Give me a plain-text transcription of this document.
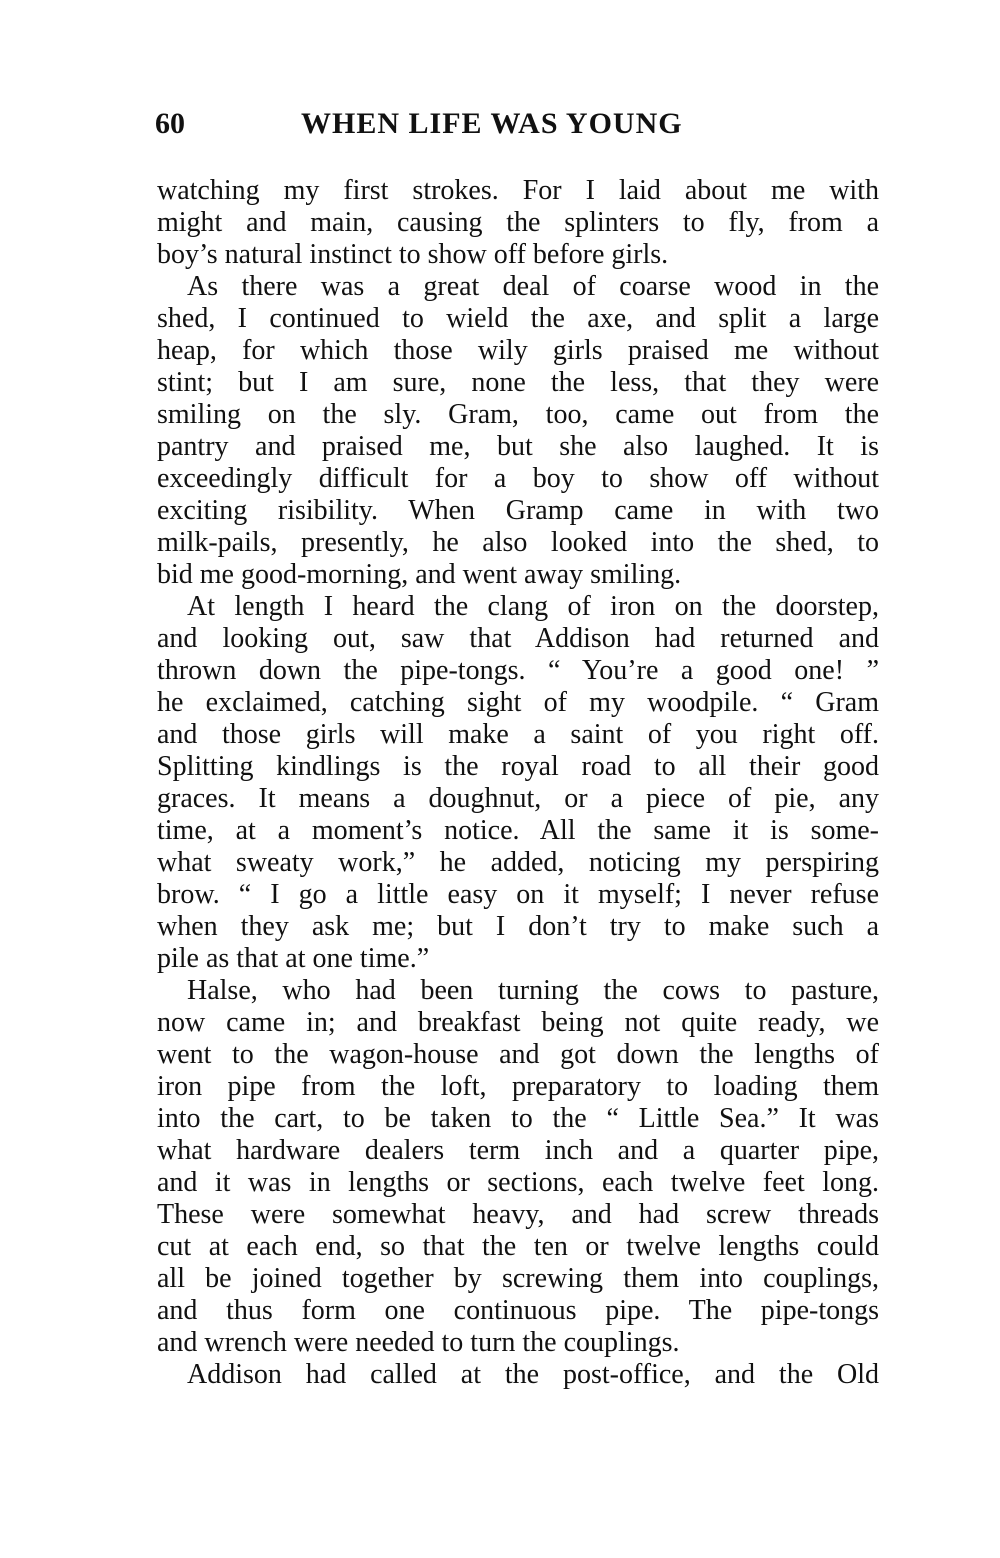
60	WHEN LIFE WAS YOUNG
watching my first strokes. For I laid about me with
might and main, causing the splinters to fly, from a
boy’s natural instinct to show off before girls.
As there was a great deal of coarse wood in the
shed, I continued to wield the axe, and split a large
heap, for which those wily girls praised me without
stint; but I am sure, none the less, that they were
smiling on the sly. Gram, too, came out from the
pantry and praised me, but she also laughed. It is
exceedingly difficult for a boy to show off without
exciting risibility. When Gramp came in with two
milk-pails, presently, he also looked into the shed, to
bid me good-morning, and went away smiling.
At length I heard the clang of iron on the doorstep,
and looking out, saw that Addison had returned and
thrown down the pipe-tongs. “ You’re a good one! ”
he exclaimed, catching sight of my woodpile. “ Gram
and those girls will make a saint of you right off.
Splitting kindlings is the royal road to all their good
graces. It means a doughnut, or a piece of pie, any
time, at a moment’s notice. All the same it is some-
what sweaty work,” he added, noticing my perspiring
brow. “ I go a little easy on it myself; I never refuse
when they ask me; but I don’t try to make such a
pile as that at one time.”
Halse, who had been turning the cows to pasture,
now came in; and breakfast being not quite ready, we
went to the wagon-house and got down the lengths of
iron pipe from the loft, preparatory to loading them
into the cart, to be taken to the “ Little Sea.” It was
what hardware dealers term inch and a quarter pipe,
and it was in lengths or sections, each twelve feet long.
These were somewhat heavy, and had screw threads
cut at each end, so that the ten or twelve lengths could
all be joined together by screwing them into couplings,
and thus form one continuous pipe. The pipe-tongs
and wrench were needed to turn the couplings.
Addison had called at the post-office, and the Old
